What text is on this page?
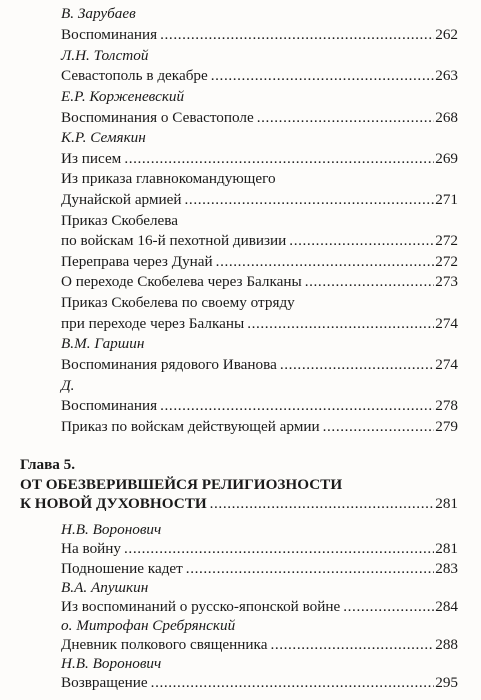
В. Зарубаев
Воспоминания .....	262
Л.Н. Толстой
Севастополь в декабре .....	263
Е.Р. Корженевский
Воспоминания о Севастополе .....	268
К.Р. Семякин
Из писем .....	269
Из приказа главнокомандующего
Дунайской армией .....	271
Приказ Скобелева
по войскам 16-й пехотной дивизии .....	272
Переправа через Дунай .....	272
О переходе Скобелева через Балканы .....	273
Приказ Скобелева по своему отряду
при переходе через Балканы .....	274
В.М. Гаршин
Воспоминания рядового Иванова .....	274
Д.
Воспоминания .....	278
Приказ по войскам действующей армии .....	279
Глава 5.
ОТ ОБЕЗВЕРИВШЕЙСЯ РЕЛИГИОЗНОСТИ
К НОВОЙ ДУХОВНОСТИ .....	281
Н.В. Воронович
На войну .....	281
Подношение кадет .....	283
В.А. Апушкин
Из воспоминаний о русско-японской войне .....	284
о. Митрофан Сребрянский
Дневник полкового священника .....	288
Н.В. Воронович
Возвращение .....	295
